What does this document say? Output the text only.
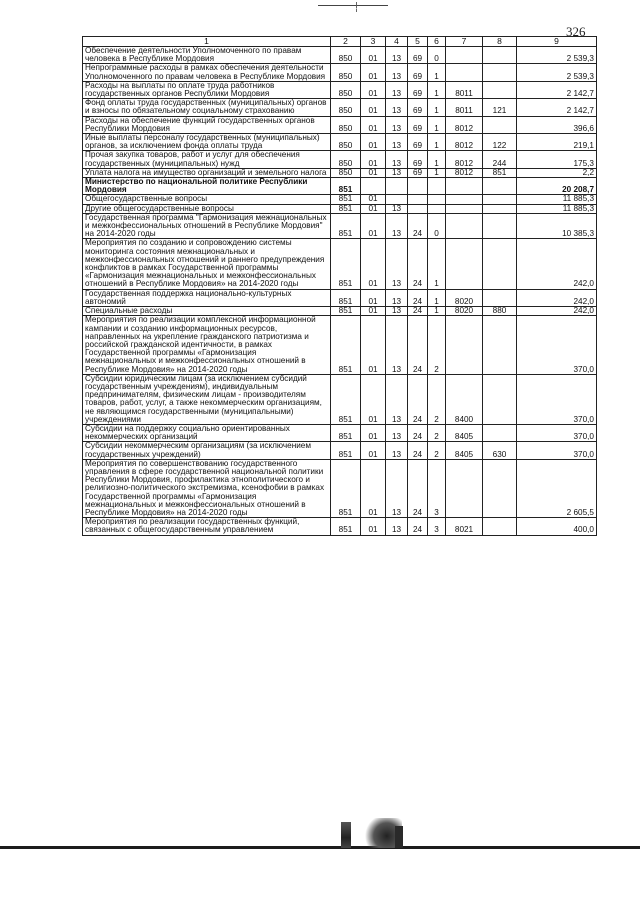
326
1	2	3	4	5	6	7	8	9
Обеспечение деятельности Уполномоченного по правам человека в Республике Мордовия	850	01	13	69	0			2 539,3
Непрограммные расходы в рамках обеспечения деятельности Уполномоченного по правам человека в Республике Мордовия	850	01	13	69	1			2 539,3
Расходы на выплаты по оплате труда работников государственных органов Республики Мордовия	850	01	13	69	1	8011		2 142,7
Фонд оплаты труда государственных (муниципальных) органов и взносы по обязательному социальному страхованию	850	01	13	69	1	8011	121	2 142,7
Расходы на обеспечение функций государственных органов Республики Мордовия	850	01	13	69	1	8012		396,6
Иные выплаты персоналу государственных (муниципальных) органов, за исключением фонда оплаты труда	850	01	13	69	1	8012	122	219,1
Прочая закупка товаров, работ и услуг для обеспечения государственных (муниципальных) нужд	850	01	13	69	1	8012	244	175,3
Уплата налога на имущество организаций и земельного налога	850	01	13	69	1	8012	851	2,2
Министерство по национальной политике Республики Мордовия	851							20 208,7
Общегосударственные вопросы	851	01						11 885,3
Другие общегосударственные вопросы	851	01	13					11 885,3
Государственная программа "Гармонизация межнациональных и межконфессиональных отношений в Республике Мордовия" на 2014-2020 годы	851	01	13	24	0			10 385,3
Мероприятия по созданию и сопровождению системы мониторинга состояния межнациональных и межконфессиональных отношений и раннего предупреждения конфликтов в рамках Государственной программы «Гармонизация межнациональных и межконфессиональных отношений в Республике Мордовия» на 2014-2020 годы	851	01	13	24	1			242,0
Государственная поддержка национально-культурных автономий	851	01	13	24	1	8020		242,0
Специальные расходы	851	01	13	24	1	8020	880	242,0
Мероприятия по реализации комплексной информационной кампании и созданию информационных ресурсов, направленных на укрепление гражданского патриотизма и российской гражданской идентичности, в рамках Государственной программы «Гармонизация межнациональных и межконфессиональных отношений в Республике Мордовия» на 2014-2020 годы	851	01	13	24	2			370,0
Субсидии юридическим лицам (за исключением субсидий государственным учреждениям), индивидуальным предпринимателям, физическим лицам - производителям товаров, работ, услуг, а также некоммерческим организациям, не являющимся государственными (муниципальными) учреждениями	851	01	13	24	2	8400		370,0
Субсидии на поддержку социально ориентированных некоммерческих организаций	851	01	13	24	2	8405		370,0
Субсидии некоммерческим организациям (за исключением государственных учреждений)	851	01	13	24	2	8405	630	370,0
Мероприятия по совершенствованию государственного управления в сфере государственной национальной политики Республики Мордовия, профилактика этнополитического и религиозно-политического экстремизма, ксенофобии в рамках Государственной программы «Гармонизация межнациональных и межконфессиональных отношений в Республике Мордовия» на 2014-2020 годы	851	01	13	24	3			2 605,5
Мероприятия по реализации государственных функций, связанных с общегосударственным управлением	851	01	13	24	3	8021		400,0
